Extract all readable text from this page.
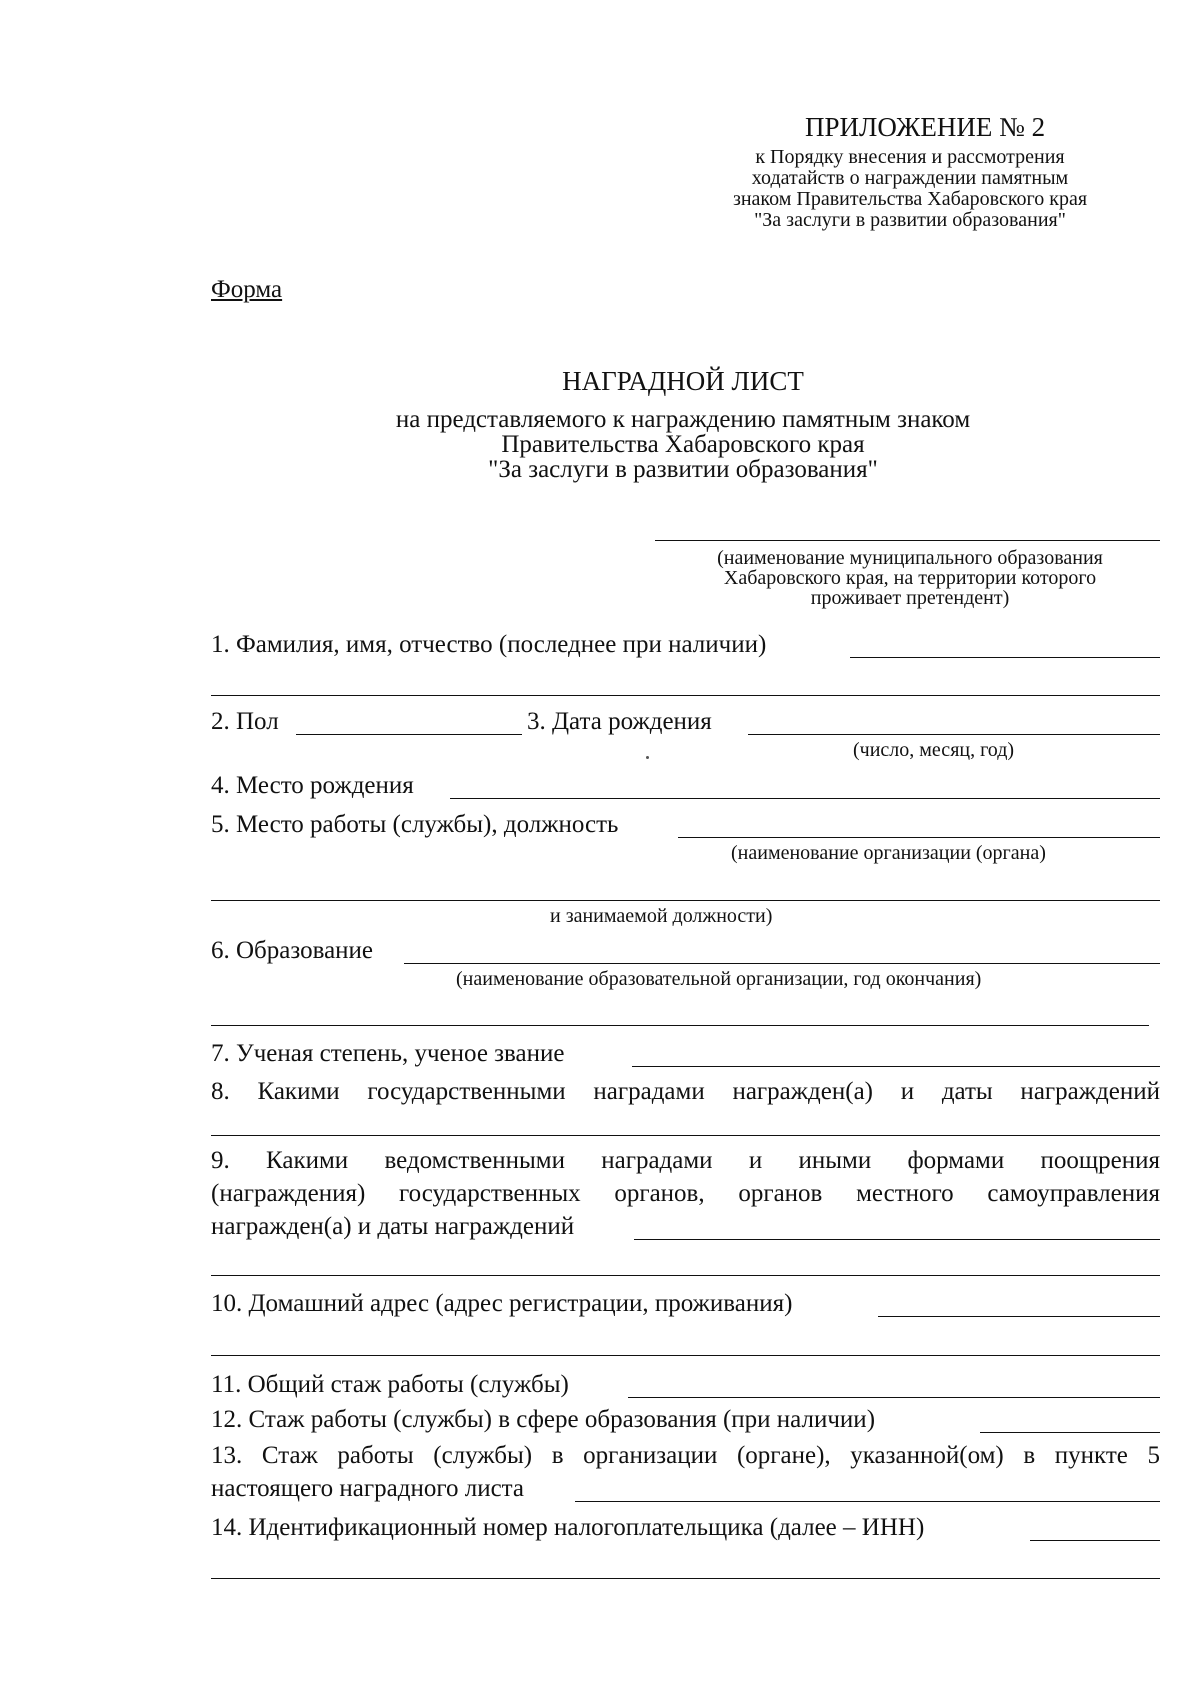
ПРИЛОЖЕНИЕ № 2
к Порядку внесения и рассмотрения
ходатайств о награждении памятным
знаком Правительства Хабаровского края
"За заслуги в развитии образования"
Форма
НАГРАДНОЙ ЛИСТ
на представляемого к награждению памятным знаком
Правительства Хабаровского края
"За заслуги в развитии образования"
(наименование муниципального образования
Хабаровского края, на территории которого
проживает претендент)
1. Фамилия, имя, отчество (последнее при наличии)
2. Пол	3. Дата рождения
(число, месяц, год)
4. Место рождения
5. Место работы (службы), должность
(наименование организации (органа)
и занимаемой должности)
6. Образование
(наименование образовательной организации, год окончания)
7. Ученая степень, ученое звание
8. Какими государственными наградами награжден(а) и даты награждений
9. Какими ведомственными наградами и иными формами поощрения
(награждения) государственных органов, органов местного самоуправления
награжден(а) и даты награждений
10. Домашний адрес (адрес регистрации, проживания)
11. Общий стаж работы (службы)
12. Стаж работы (службы) в сфере образования (при наличии)
13. Стаж работы (службы) в организации (органе), указанной(ом) в пункте 5
настоящего наградного листа
14. Идентификационный номер налогоплательщика (далее – ИНН)
